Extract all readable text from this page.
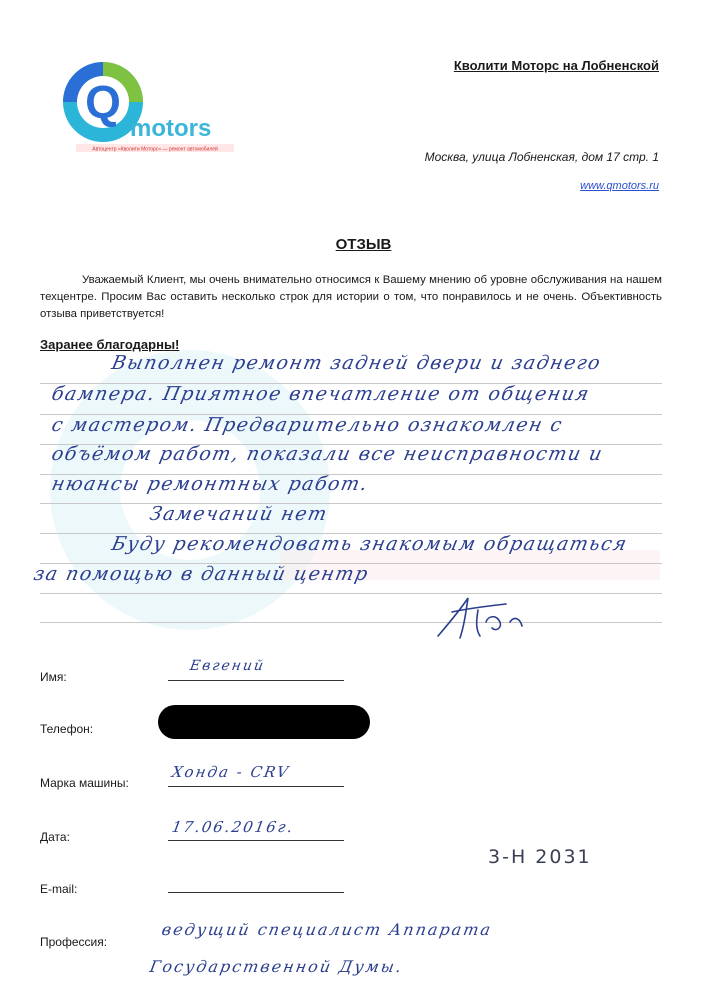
Q
motors
Автоцентр «Кволити Моторс» — ремонт автомобилей
Кволити Моторс на Лобненской
Москва, улица Лобненская, дом 17 стр. 1
www.qmotors.ru
ОТЗЫВ
Уважаемый Клиент, мы очень внимательно относимся к Вашему мнению об уровне обслуживания на нашем техцентре. Просим Вас оставить несколько строк для истории о том, что понравилось и не очень. Объективность отзыва приветствуется!
Заранее благодарны!
Выполнен ремонт задней двери и заднего
бампера. Приятное впечатление от общения
с мастером. Предварительно ознакомлен с
объёмом работ, показали все неисправности и
нюансы ремонтных работ.
Замечаний нет
Буду рекомендовать знакомым обращаться
за помощью в данный центр
Имя:
Евгений
Телефон:
Марка машины:
Хонда - CRV
Дата:
17.06.2016г.
3-Н 2031
E-mail:
Профессия:
ведущий специалист Аппарата
Государственной Думы.
